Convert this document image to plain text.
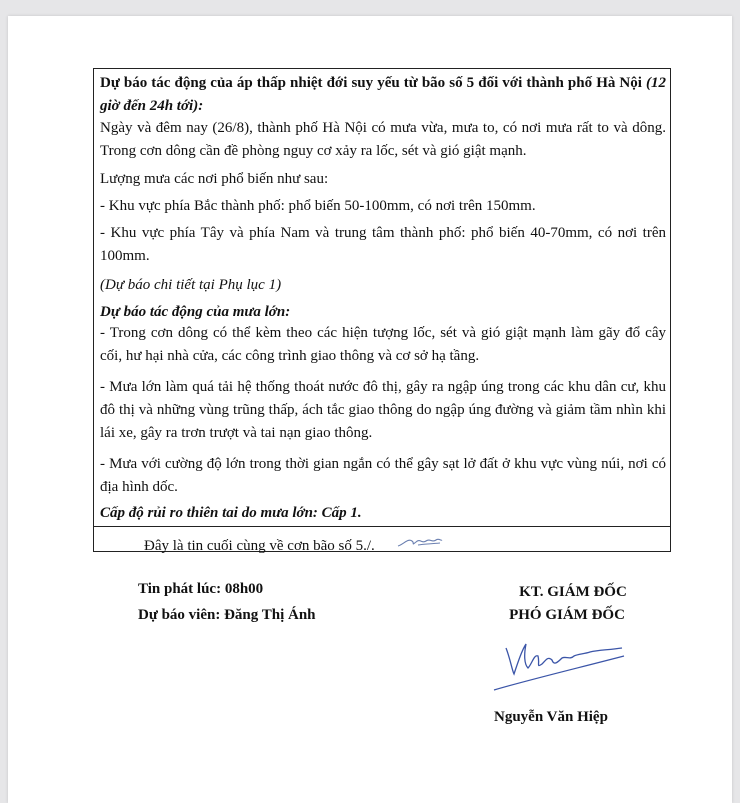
Dự báo tác động của áp thấp nhiệt đới suy yếu từ bão số 5 đối với thành phố Hà Nội (12 giờ đến 24h tới):

Ngày và đêm nay (26/8), thành phố Hà Nội có mưa vừa, mưa to, có nơi mưa rất to và dông. Trong cơn dông cần đề phòng nguy cơ xảy ra lốc, sét và gió giật mạnh.

Lượng mưa các nơi phổ biến như sau:

- Khu vực phía Bắc thành phố: phổ biến 50-100mm, có nơi trên 150mm.

- Khu vực phía Tây và phía Nam và trung tâm thành phố: phổ biến 40-70mm, có nơi trên 100mm.

(Dự báo chi tiết tại Phụ lục 1)

Dự báo tác động của mưa lớn:

- Trong cơn dông có thể kèm theo các hiện tượng lốc, sét và gió giật mạnh làm gãy đổ cây cối, hư hại nhà cửa, các công trình giao thông và cơ sở hạ tầng.

- Mưa lớn làm quá tải hệ thống thoát nước đô thị, gây ra ngập úng trong các khu dân cư, khu đô thị và những vùng trũng thấp, ách tắc giao thông do ngập úng đường và giảm tầm nhìn khi lái xe, gây ra trơn trượt và tai nạn giao thông.

- Mưa với cường độ lớn trong thời gian ngắn có thể gây sạt lở đất ở khu vực vùng núi, nơi có địa hình dốc.

Cấp độ rủi ro thiên tai do mưa lớn: Cấp 1.

Đây là tin cuối cùng về cơn bão số 5./.

Tin phát lúc: 08h00

Dự báo viên: Đăng Thị Ánh

KT. GIÁM ĐỐC

PHÓ GIÁM ĐỐC

Nguyễn Văn Hiệp
